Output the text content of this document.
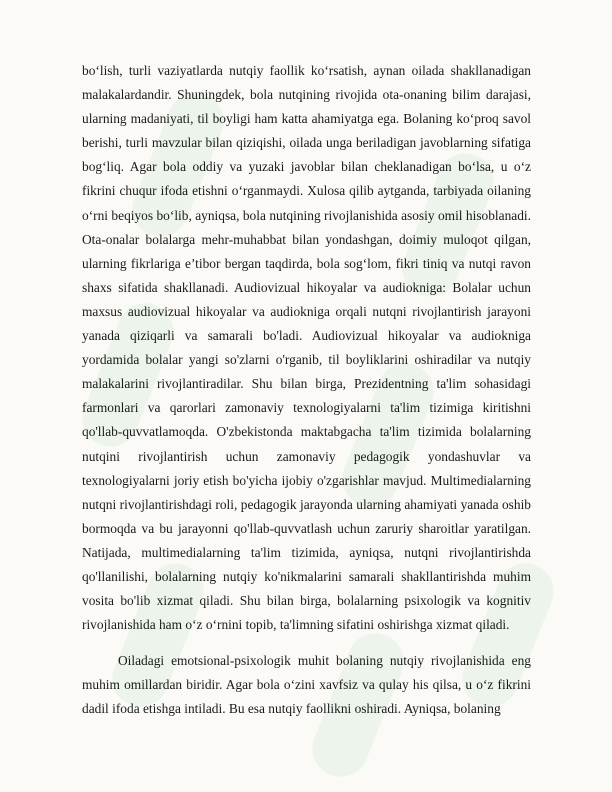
bo‘lish, turli vaziyatlarda nutqiy faollik ko‘rsatish, aynan oilada shakllanadigan malakalardandir. Shuningdek, bola nutqining rivojida ota-onaning bilim darajasi, ularning madaniyati, til boyligi ham katta ahamiyatga ega. Bolaning ko‘proq savol berishi, turli mavzular bilan qiziqishi, oilada unga beriladigan javoblarning sifatiga bog‘liq. Agar bola oddiy va yuzaki javoblar bilan cheklanadigan bo‘lsa, u o‘z fikrini chuqur ifoda etishni o‘rganmaydi. Xulosa qilib aytganda, tarbiyada oilaning o‘rni beqiyos bo‘lib, ayniqsa, bola nutqining rivojlanishida asosiy omil hisoblanadi. Ota-onalar bolalarga mehr-muhabbat bilan yondashgan, doimiy muloqot qilgan, ularning fikrlariga e’tibor bergan taqdirda, bola sog‘lom, fikri tiniq va nutqi ravon shaxs sifatida shakllanadi. Audiovizual hikoyalar va audiokniga: Bolalar uchun maxsus audiovizual hikoyalar va audiokniga orqali nutqni rivojlantirish jarayoni yanada qiziqarli va samarali bo'ladi. Audiovizual hikoyalar va audiokniga yordamida bolalar yangi so'zlarni o'rganib, til boyliklarini oshiradilar va nutqiy malakalarini rivojlantiradilar. Shu bilan birga, Prezidentning ta'lim sohasidagi farmonlari va qarorlari zamonaviy texnologiyalarni ta'lim tizimiga kiritishni qo'llab-quvvatlamoqda. O'zbekistonda maktabgacha ta'lim tizimida bolalarning nutqini rivojlantirish uchun zamonaviy pedagogik yondashuvlar va texnologiyalarni joriy etish bo'yicha ijobiy o'zgarishlar mavjud. Multimedialarning nutqni rivojlantirishdagi roli, pedagogik jarayonda ularning ahamiyati yanada oshib bormoqda va bu jarayonni qo'llab-quvvatlash uchun zaruriy sharoitlar yaratilgan. Natijada, multimedialarning ta'lim tizimida, ayniqsa, nutqni rivojlantirishda qo'llanilishi, bolalarning nutqiy ko'nikmalarini samarali shakllantirishda muhim vosita bo'lib xizmat qiladi. Shu bilan birga, bolalarning psixologik va kognitiv rivojlanishida ham o‘z o‘rnini topib, ta'limning sifatini oshirishga xizmat qiladi.

Oiladagi emotsional-psixologik muhit bolaning nutqiy rivojlanishida eng muhim omillardan biridir. Agar bola o‘zini xavfsiz va qulay his qilsa, u o‘z fikrini dadil ifoda etishga intiladi. Bu esa nutqiy faollikni oshiradi. Ayniqsa, bolaning
